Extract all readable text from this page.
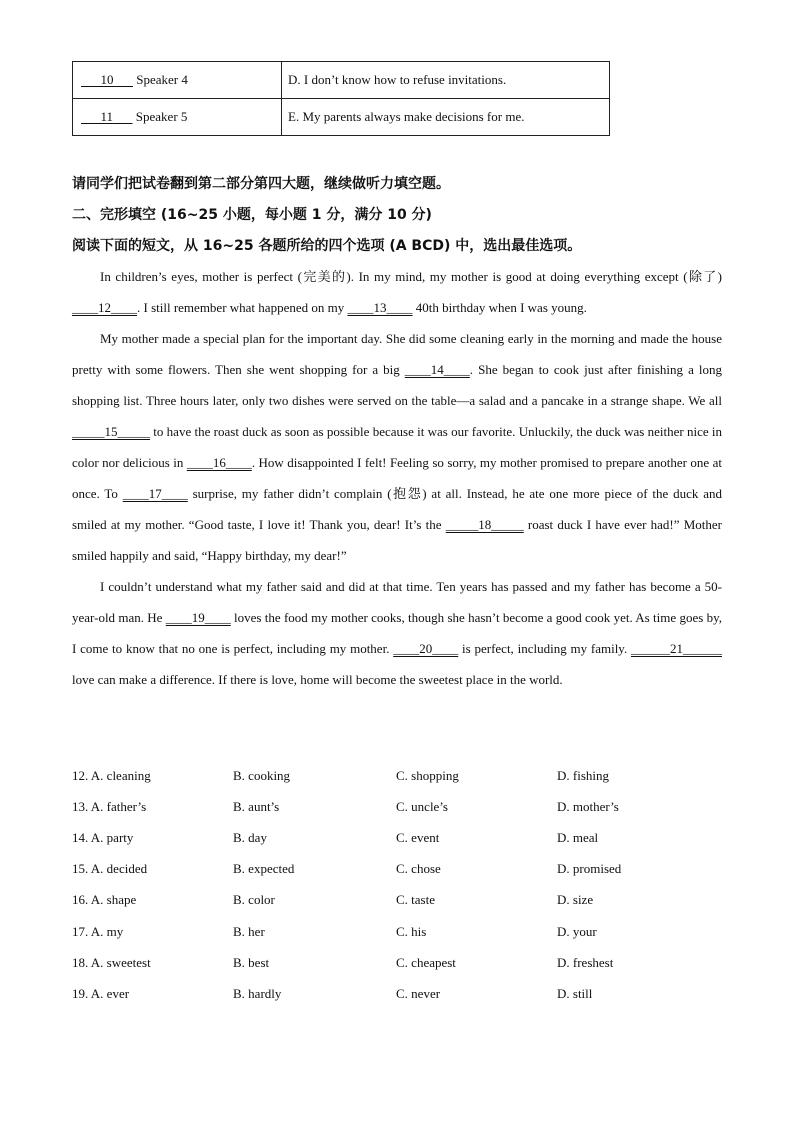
10 Speaker 4	D. I don’t know how to refuse invitations.
11 Speaker 5	E. My parents always make decisions for me.
请同学们把试卷翻到第二部分第四大题，继续做听力填空题。
二、完形填空 (16~25 小题，每小题 1 分，满分 10 分)
阅读下面的短文，从 16~25 各题所给的四个选项 (A BCD) 中，选出最佳选项。

In children’s eyes, mother is perfect (完美的). In my mind, my mother is good at doing everything except (除了) ____12____. I still remember what happened on my ____13____ 40th birthday when I was young.

My mother made a special plan for the important day. She did some cleaning early in the morning and made the house pretty with some flowers. Then she went shopping for a big ____14____. She began to cook just after finishing a long shopping list. Three hours later, only two dishes were served on the table—a salad and a pancake in a strange shape. We all _____15_____ to have the roast duck as soon as possible because it was our favorite. Unluckily, the duck was neither nice in color nor delicious in ____16____. How disappointed I felt! Feeling so sorry, my mother promised to prepare another one at once. To ____17____ surprise, my father didn’t complain (抱怨) at all. Instead, he ate one more piece of the duck and smiled at my mother. “Good taste, I love it! Thank you, dear! It’s the _____18_____ roast duck I have ever had!” Mother smiled happily and said, “Happy birthday, my dear!”

I couldn’t understand what my father said and did at that time. Ten years has passed and my father has become a 50-year-old man. He ____19____ loves the food my mother cooks, though she hasn’t become a good cook yet. As time goes by, I come to know that no one is perfect, including my mother. ____20____ is perfect, including my family. ______21______ love can make a difference. If there is love, home will become the sweetest place in the world.

12. A. cleaning	B. cooking	C. shopping	D. fishing
13. A. father’s	B. aunt’s	C. uncle’s	D. mother’s
14. A. party	B. day	C. event	D. meal
15. A. decided	B. expected	C. chose	D. promised
16. A. shape	B. color	C. taste	D. size
17. A. my	B. her	C. his	D. your
18. A. sweetest	B. best	C. cheapest	D. freshest
19. A. ever	B. hardly	C. never	D. still
